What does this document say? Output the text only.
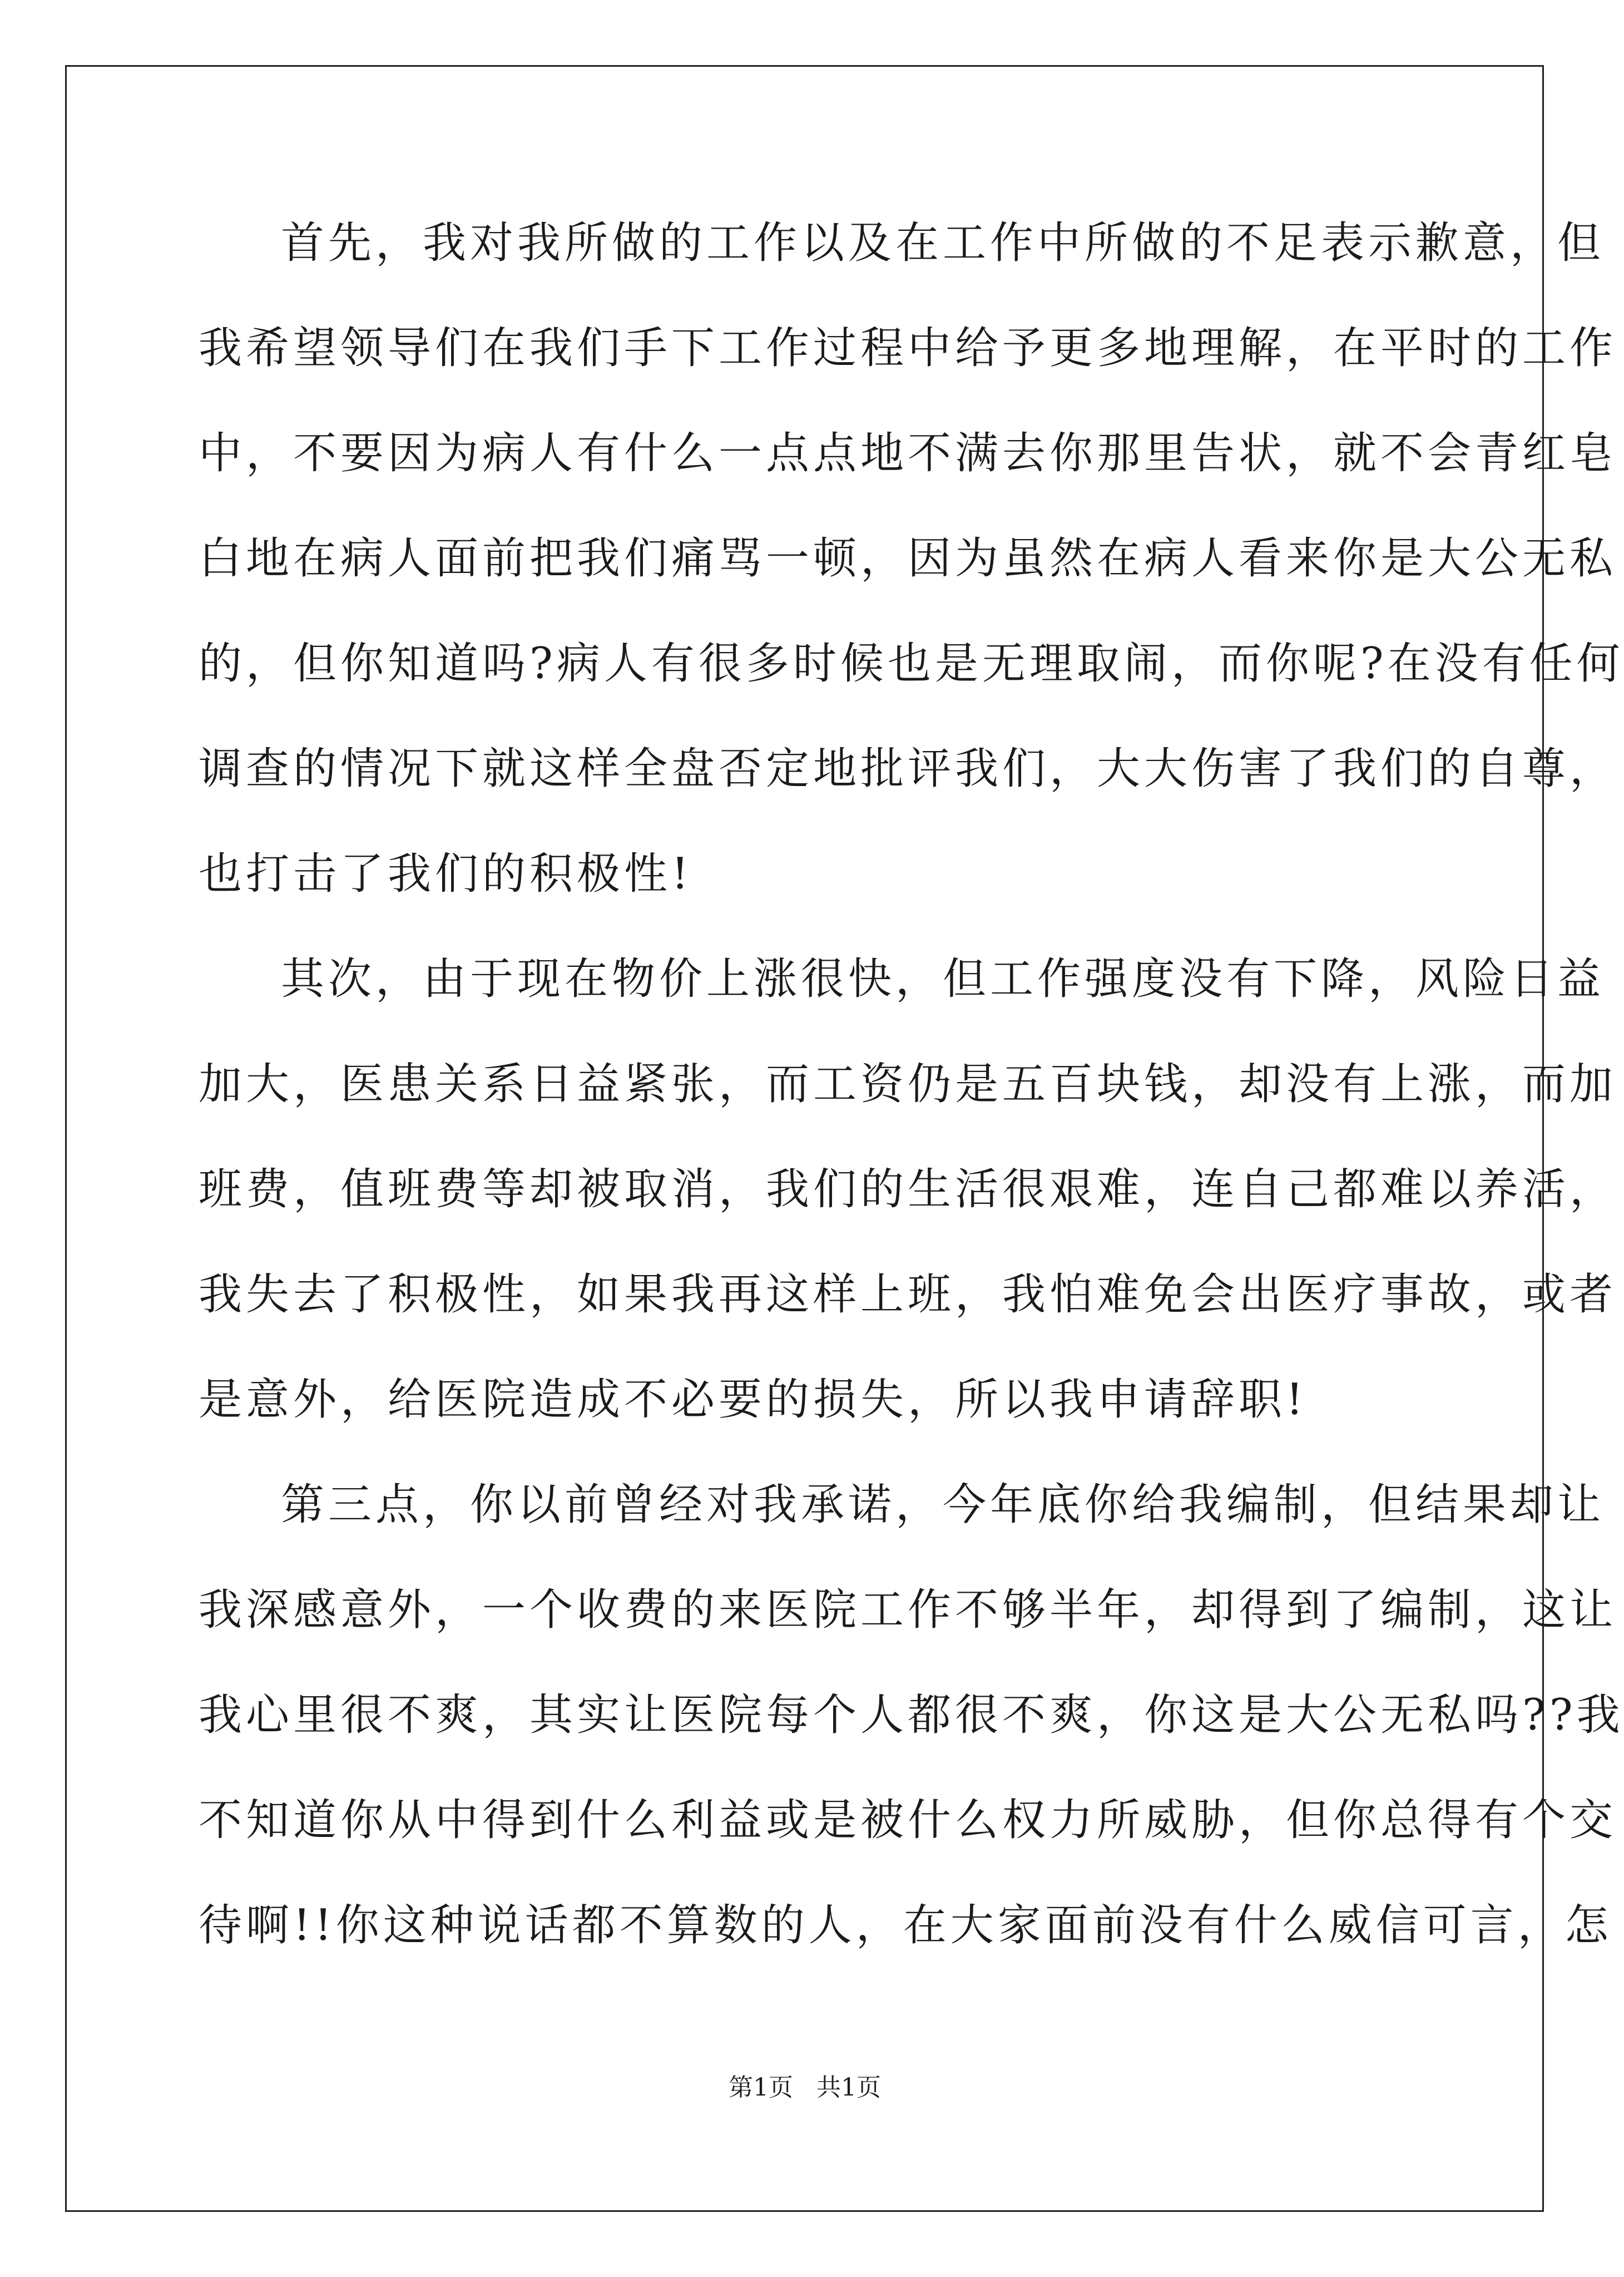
首先，我对我所做的工作以及在工作中所做的不足表示歉意，但
我希望领导们在我们手下工作过程中给予更多地理解，在平时的工作
中，不要因为病人有什么一点点地不满去你那里告状，就不会青红皂
白地在病人面前把我们痛骂一顿，因为虽然在病人看来你是大公无私
的，但你知道吗?病人有很多时候也是无理取闹，而你呢?在没有任何
调查的情况下就这样全盘否定地批评我们，大大伤害了我们的自尊，
也打击了我们的积极性!
其次，由于现在物价上涨很快，但工作强度没有下降，风险日益
加大，医患关系日益紧张，而工资仍是五百块钱，却没有上涨，而加
班费，值班费等却被取消，我们的生活很艰难，连自己都难以养活，
我失去了积极性，如果我再这样上班，我怕难免会出医疗事故，或者
是意外，给医院造成不必要的损失，所以我申请辞职!
第三点，你以前曾经对我承诺，今年底你给我编制，但结果却让
我深感意外，一个收费的来医院工作不够半年，却得到了编制，这让
我心里很不爽，其实让医院每个人都很不爽，你这是大公无私吗??我
不知道你从中得到什么利益或是被什么权力所威胁，但你总得有个交
待啊!!你这种说话都不算数的人，在大家面前没有什么威信可言，怎
第1页   共1页
